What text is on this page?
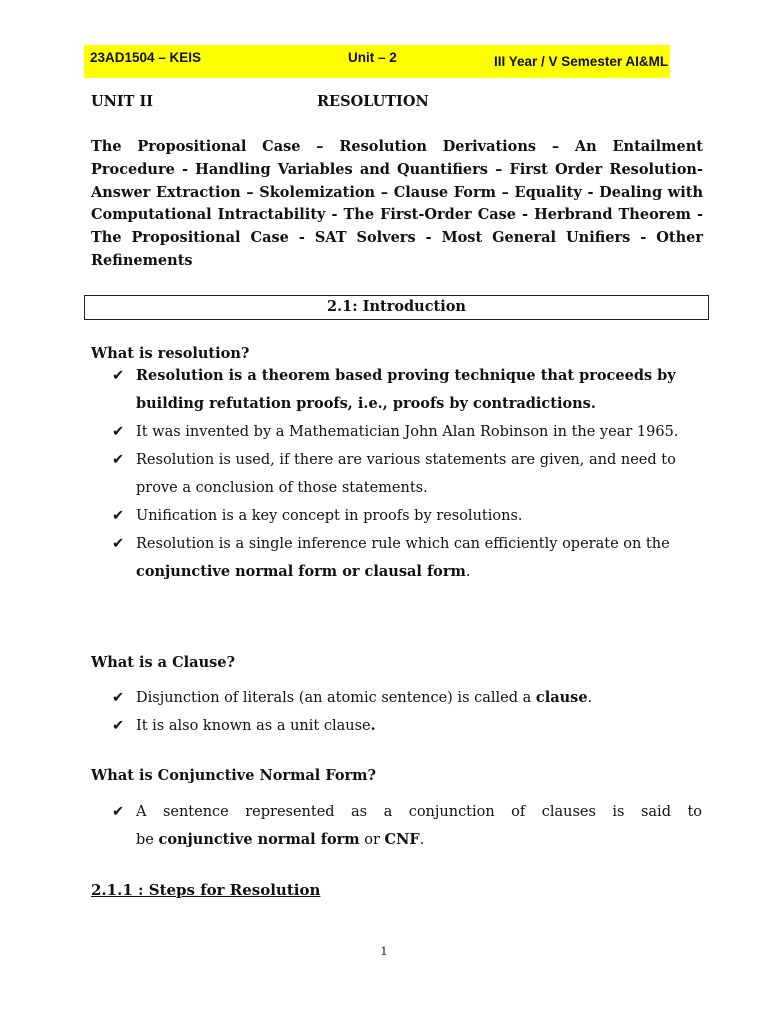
23AD1504 – KEIS	Unit – 2	III Year / V Semester AI&ML
UNIT II	RESOLUTION

The Propositional Case – Resolution Derivations – An Entailment Procedure - Handling Variables and Quantifiers – First Order Resolution- Answer Extraction – Skolemization – Clause Form – Equality - Dealing with Computational Intractability - The First-Order Case - Herbrand Theorem - The Propositional Case - SAT Solvers - Most General Unifiers - Other Refinements

2.1: Introduction
What is resolution?
✔ Resolution is a theorem based proving technique that proceeds by building refutation proofs, i.e., proofs by contradictions.
✔ It was invented by a Mathematician John Alan Robinson in the year 1965.
✔ Resolution is used, if there are various statements are given, and need to prove a conclusion of those statements.
✔ Unification is a key concept in proofs by resolutions.
✔ Resolution is a single inference rule which can efficiently operate on the conjunctive normal form or clausal form.
What is a Clause?
✔ Disjunction of literals (an atomic sentence) is called a clause.
✔ It is also known as a unit clause.
What is Conjunctive Normal Form?
✔ A sentence represented as a conjunction of clauses is said to
be conjunctive normal form or CNF.
2.1.1 : Steps for Resolution
1
